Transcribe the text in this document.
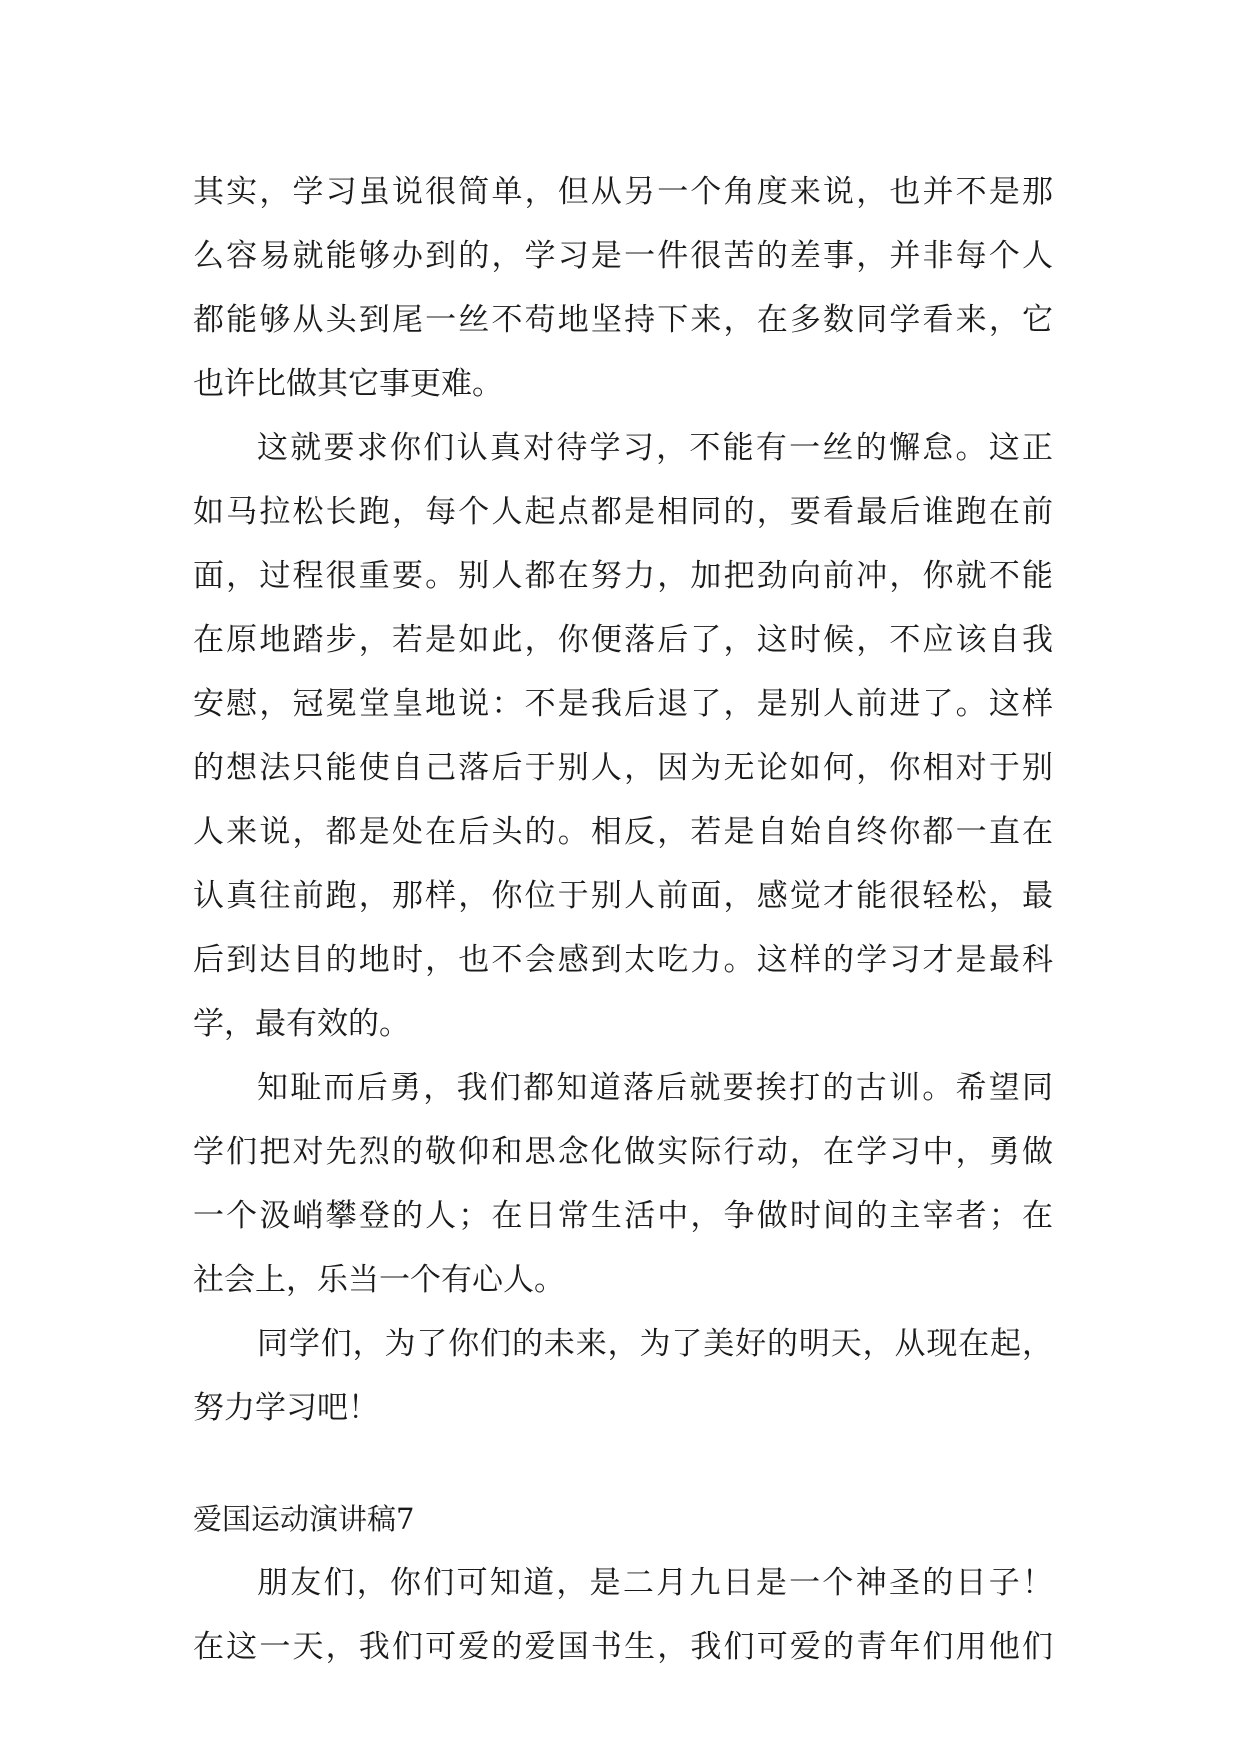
其实，学习虽说很简单，但从另一个角度来说，也并不是那
么容易就能够办到的，学习是一件很苦的差事，并非每个人
都能够从头到尾一丝不苟地坚持下来，在多数同学看来，它
也许比做其它事更难。
这就要求你们认真对待学习，不能有一丝的懈怠。这正
如马拉松长跑，每个人起点都是相同的，要看最后谁跑在前
面，过程很重要。别人都在努力，加把劲向前冲，你就不能
在原地踏步，若是如此，你便落后了，这时候，不应该自我
安慰，冠冕堂皇地说：不是我后退了，是别人前进了。这样
的想法只能使自己落后于别人，因为无论如何，你相对于别
人来说，都是处在后头的。相反，若是自始自终你都一直在
认真往前跑，那样，你位于别人前面，感觉才能很轻松，最
后到达目的地时，也不会感到太吃力。这样的学习才是最科
学，最有效的。
知耻而后勇，我们都知道落后就要挨打的古训。希望同
学们把对先烈的敬仰和思念化做实际行动，在学习中，勇做
一个汲峭攀登的人；在日常生活中，争做时间的主宰者；在
社会上，乐当一个有心人。
同学们，为了你们的未来，为了美好的明天，从现在起，
努力学习吧！
爱国运动演讲稿7
朋友们，你们可知道，是二月九日是一个神圣的日子！
在这一天，我们可爱的爱国书生，我们可爱的青年们用他们
